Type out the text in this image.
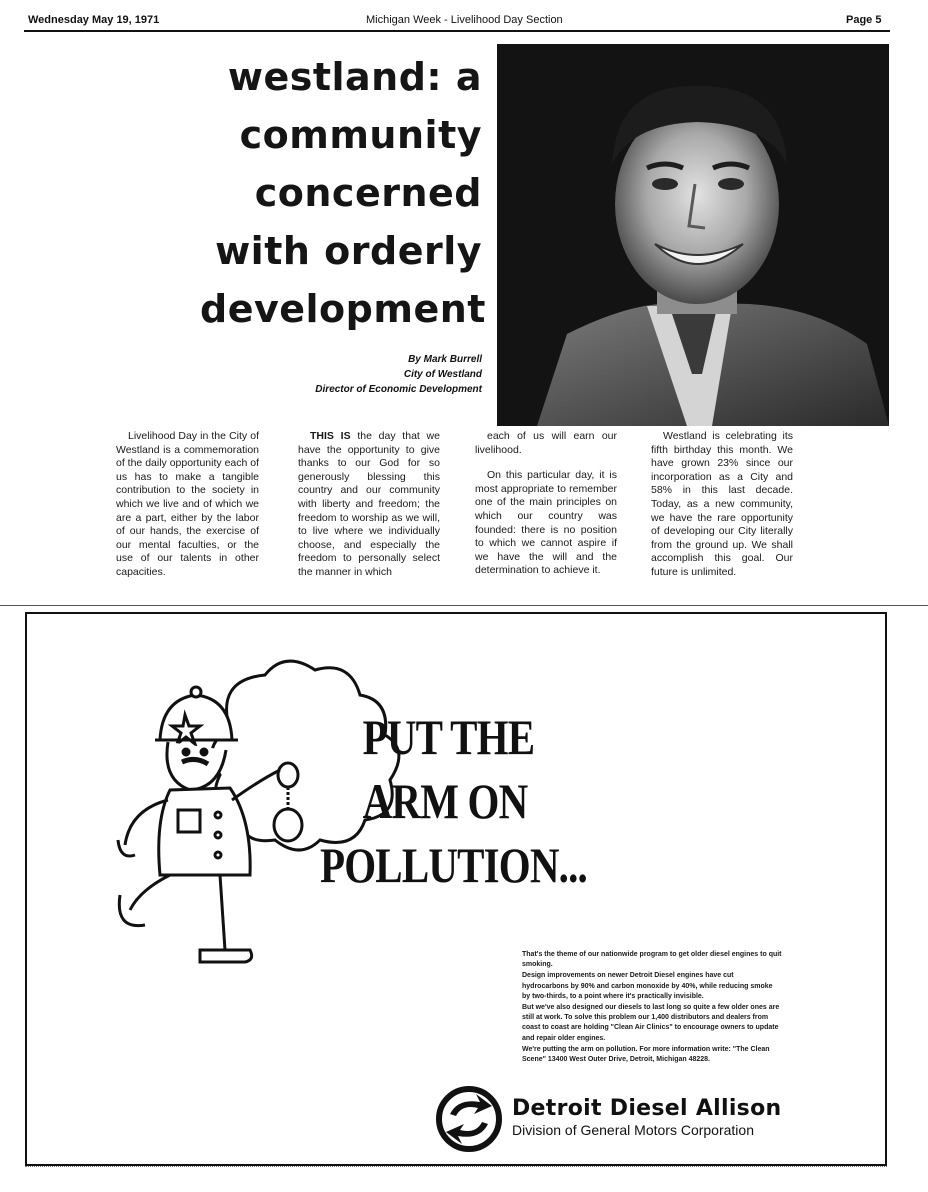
Wednesday May 19, 1971	Michigan Week - Livelihood Day Section	Page 5
westland: a
community
concerned
with orderly
development
By Mark Burrell
City of Westland
Director of Economic Development

Livelihood Day in the City of Westland is a commemoration of the daily opportunity each of us has to make a tangible contribution to the society in which we live and of which we are a part, either by the labor of our hands, the exercise of our mental faculties, or the use of our talents in other capacities.

THIS IS the day that we have the opportunity to give thanks to our God for so generously blessing this country and our community with liberty and freedom; the freedom to worship as we will, to live where we individually choose, and especially the freedom to personally select the manner in which

each of us will earn our livelihood.

On this particular day, it is most appropriate to remember one of the main principles on which our country was founded: there is no position to which we cannot aspire if we have the will and the determination to achieve it.

Westland is celebrating its fifth birthday this month. We have grown 23% since our incorporation as a City and 58% in this last decade. Today, as a new community, we have the rare opportunity of developing our City literally from the ground up. We shall accomplish this goal. Our future is unlimited.

PUT THE
ARM ON
POLLUTION...

That's the theme of our nationwide program to get older diesel engines to quit smoking.

Design improvements on newer Detroit Diesel engines have cut hydrocarbons by 90% and carbon monoxide by 40%, while reducing smoke by two-thirds, to a point where it's practically invisible.

But we've also designed our diesels to last long so quite a few older ones are still at work. To solve this problem our 1,400 distributors and dealers from coast to coast are holding "Clean Air Clinics" to encourage owners to update and repair older engines.

We're putting the arm on pollution. For more information write: "The Clean Scene" 13400 West Outer Drive, Detroit, Michigan 48228.

Detroit Diesel Allison
Division of General Motors Corporation
